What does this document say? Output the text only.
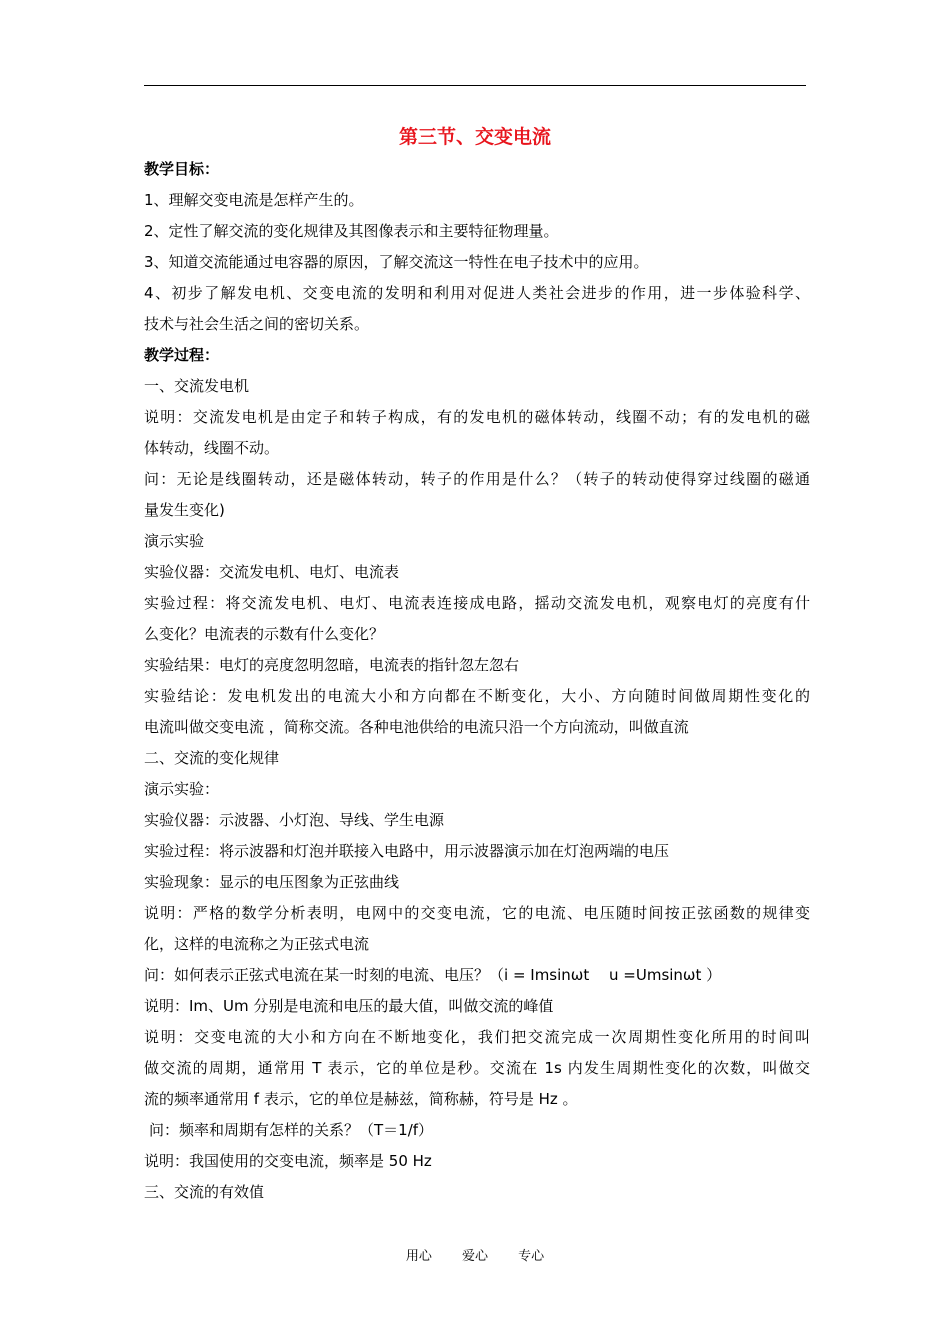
第三节、交变电流

教学目标：

1、理解交变电流是怎样产生的。

2、定性了解交流的变化规律及其图像表示和主要特征物理量。

3、知道交流能通过电容器的原因，了解交流这一特性在电子技术中的应用。

4、初步了解发电机、交变电流的发明和利用对促进人类社会进步的作用，进一步体验科学、

技术与社会生活之间的密切关系。

教学过程：

一、交流发电机

说明：交流发电机是由定子和转子构成，有的发电机的磁体转动，线圈不动；有的发电机的磁

体转动，线圈不动。

问：无论是线圈转动，还是磁体转动，转子的作用是什么？（转子的转动使得穿过线圈的磁通

量发生变化)

演示实验

实验仪器：交流发电机、电灯、电流表

实验过程：将交流发电机、电灯、电流表连接成电路，摇动交流发电机，观察电灯的亮度有什

么变化？电流表的示数有什么变化？

实验结果：电灯的亮度忽明忽暗，电流表的指针忽左忽右

实验结论：发电机发出的电流大小和方向都在不断变化，大小、方向随时间做周期性变化的

电流叫做交变电流 ，简称交流。各种电池供给的电流只沿一个方向流动，叫做直流

二、交流的变化规律

演示实验：

实验仪器：示波器、小灯泡、导线、学生电源

实验过程：将示波器和灯泡并联接入电路中，用示波器演示加在灯泡两端的电压

实验现象：显示的电压图象为正弦曲线

说明：严格的数学分析表明，电网中的交变电流，它的电流、电压随时间按正弦函数的规律变

化，这样的电流称之为正弦式电流

问：如何表示正弦式电流在某一时刻的电流、电压？（i = Imsinωt　 u =Umsinωt ）

说明：Im、Um 分别是电流和电压的最大值，叫做交流的峰值

说明：交变电流的大小和方向在不断地变化，我们把交流完成一次周期性变化所用的时间叫

做交流的周期，通常用 T 表示，它的单位是秒。交流在 1s 内发生周期性变化的次数，叫做交

流的频率通常用 f 表示，它的单位是赫兹，简称赫，符号是 Hz 。

问：频率和周期有怎样的关系？（T＝1/f）

说明：我国使用的交变电流，频率是 50 Hz

三、交流的有效值

用心 爱心 专心
